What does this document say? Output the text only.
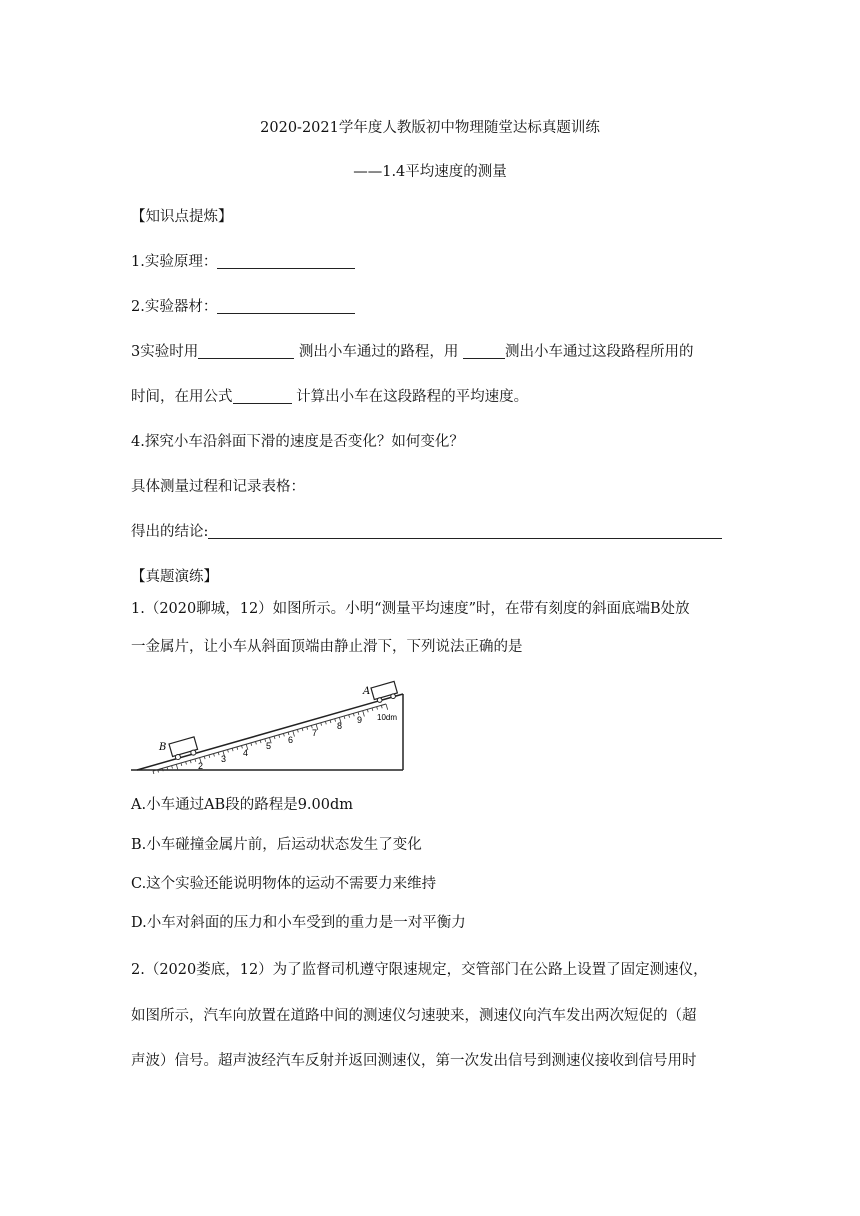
2020-2021学年度人教版初中物理随堂达标真题训练
——1.4平均速度的测量
【知识点提炼】
1.实验原理：
2.实验器材：
3实验时用	测出小车通过的路程，用	测出小车通过这段路程所用的
时间，在用公式	计算出小车在这段路程的平均速度。
4.探究小车沿斜面下滑的速度是否变化？如何变化？
具体测量过程和记录表格：
得出的结论:
【真题演练】
1.（2020聊城，12）如图所示。小明“测量平均速度”时，在带有刻度的斜面底端B处放
一金属片，让小车从斜面顶端由静止滑下，下列说法正确的是
2
3
4
5
6
7
8
9 10dm
B
A
A.小车通过AB段的路程是9.00dm
B.小车碰撞金属片前，后运动状态发生了变化
C.这个实验还能说明物体的运动不需要力来维持
D.小车对斜面的压力和小车受到的重力是一对平衡力
2.（2020娄底，12）为了监督司机遵守限速规定，交管部门在公路上设置了固定测速仪，
如图所示，汽车向放置在道路中间的测速仪匀速驶来，测速仪向汽车发出两次短促的（超
声波）信号。超声波经汽车反射并返回测速仪，第一次发出信号到测速仪接收到信号用时
